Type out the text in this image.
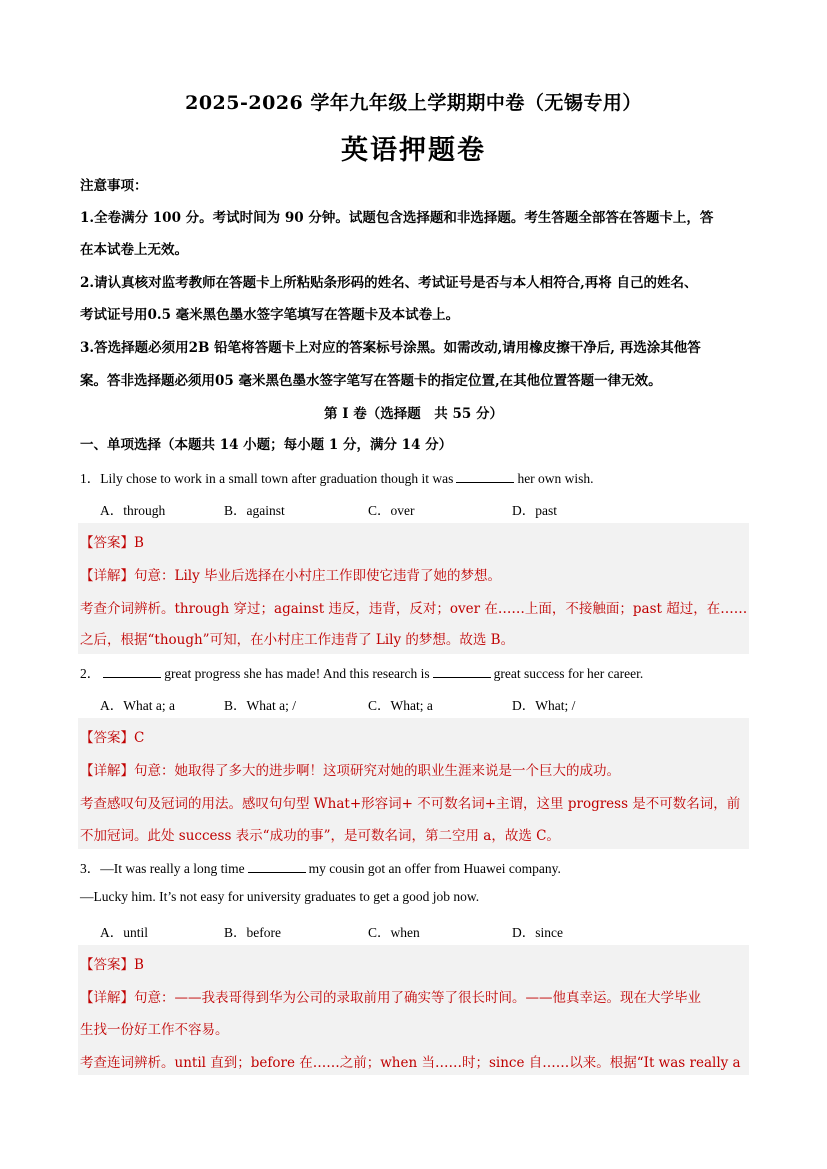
2025-2026 学年九年级上学期期中卷（无锡专用）
英语押题卷
注意事项：
1.全卷满分 100 分。考试时间为 90 分钟。试题包含选择题和非选择题。考生答题全部答在答题卡上，答
在本试卷上无效。
2.请认真核对监考教师在答题卡上所粘贴条形码的姓名、考试证号是否与本人相符合,再将 自己的姓名、
考试证号用0.5 毫米黑色墨水签字笔填写在答题卡及本试卷上。
3.答选择题必须用2B 铅笔将答题卡上对应的答案标号涂黑。如需改动,请用橡皮擦干净后, 再选涂其他答
案。答非选择题必须用05 毫米黑色墨水签字笔写在答题卡的指定位置,在其他位置答题一律无效。
第 I 卷（选择题　共 55 分）
一、单项选择（本题共 14 小题；每小题 1 分，满分 14 分）
1．Lily chose to work in a small town after graduation though it was	her own wish.
A．through	B．against	C．over	D．past
【答案】B
【详解】句意：Lily 毕业后选择在小村庄工作即使它违背了她的梦想。
考查介词辨析。through 穿过；against 违反，违背，反对；over 在……上面，不接触面；past 超过，在……
之后，根据“though”可知，在小村庄工作违背了 Lily 的梦想。故选 B。
2．	great progress she has made! And this research is	great success for her career.
A．What a; a	B．What a; /	C．What; a	D．What; /
【答案】C
【详解】句意：她取得了多大的进步啊！这项研究对她的职业生涯来说是一个巨大的成功。
考查感叹句及冠词的用法。感叹句句型 What+形容词+ 不可数名词+主谓，这里 progress 是不可数名词，前
不加冠词。此处 success 表示“成功的事”，是可数名词，第二空用 a，故选 C。
3．—It was really a long time	my cousin got an offer from Huawei company.
—Lucky him. It’s not easy for university graduates to get a good job now.
A．until	B．before	C．when	D．since
【答案】B
【详解】句意：——我表哥得到华为公司的录取前用了确实等了很长时间。——他真幸运。现在大学毕业
生找一份好工作不容易。
考查连词辨析。until 直到；before 在……之前；when 当……时；since 自……以来。根据“It was really a
